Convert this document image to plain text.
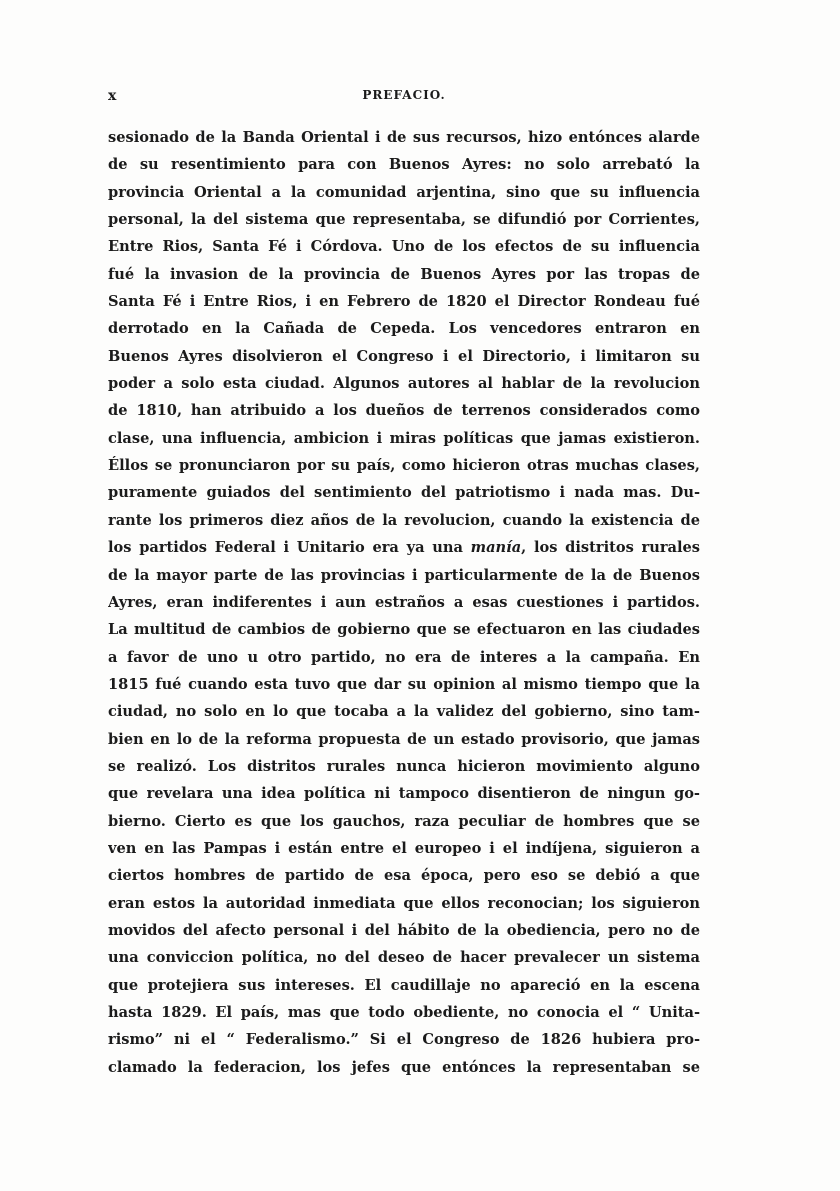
x	PREFACIO.
sesionado de la Banda Oriental i de sus recursos, hizo entónces alarde
de su resentimiento para con Buenos Ayres: no solo arrebató la
provincia Oriental a la comunidad arjentina, sino que su influencia
personal, la del sistema que representaba, se difundió por Corrientes,
Entre Rios, Santa Fé i Córdova. Uno de los efectos de su influencia
fué la invasion de la provincia de Buenos Ayres por las tropas de
Santa Fé i Entre Rios, i en Febrero de 1820 el Director Rondeau fué
derrotado en la Cañada de Cepeda. Los vencedores entraron en
Buenos Ayres disolvieron el Congreso i el Directorio, i limitaron su
poder a solo esta ciudad. Algunos autores al hablar de la revolucion
de 1810, han atribuido a los dueños de terrenos considerados como
clase, una influencia, ambicion i miras políticas que jamas existieron.
Éllos se pronunciaron por su país, como hicieron otras muchas clases,
puramente guiados del sentimiento del patriotismo i nada mas. Du-
rante los primeros diez años de la revolucion, cuando la existencia de
los partidos Federal i Unitario era ya una manía, los distritos rurales
de la mayor parte de las provincias i particularmente de la de Buenos
Ayres, eran indiferentes i aun estraños a esas cuestiones i partidos.
La multitud de cambios de gobierno que se efectuaron en las ciudades
a favor de uno u otro partido, no era de interes a la campaña. En
1815 fué cuando esta tuvo que dar su opinion al mismo tiempo que la
ciudad, no solo en lo que tocaba a la validez del gobierno, sino tam-
bien en lo de la reforma propuesta de un estado provisorio, que jamas
se realizó. Los distritos rurales nunca hicieron movimiento alguno
que revelara una idea política ni tampoco disentieron de ningun go-
bierno. Cierto es que los gauchos, raza peculiar de hombres que se
ven en las Pampas i están entre el europeo i el indíjena, siguieron a
ciertos hombres de partido de esa época, pero eso se debió a que
eran estos la autoridad inmediata que ellos reconocian; los siguieron
movidos del afecto personal i del hábito de la obediencia, pero no de
una conviccion política, no del deseo de hacer prevalecer un sistema
que protejiera sus intereses. El caudillaje no apareció en la escena
hasta 1829. El país, mas que todo obediente, no conocia el “ Unita-
rismo” ni el “ Federalismo.” Si el Congreso de 1826 hubiera pro-
clamado la federacion, los jefes que entónces la representaban se
